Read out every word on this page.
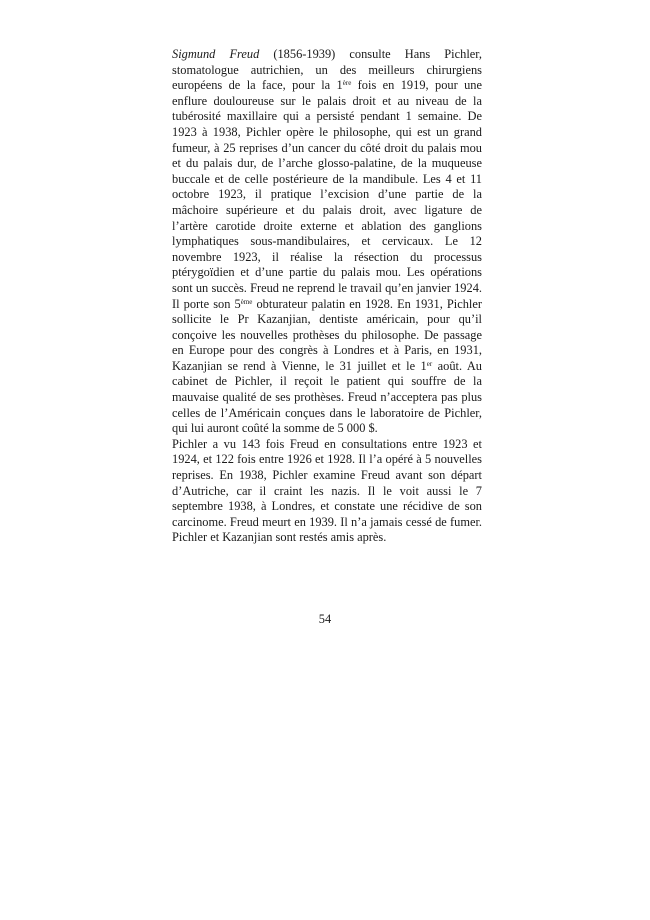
Sigmund Freud (1856-1939) consulte Hans Pichler, stomatologue autrichien, un des meilleurs chirurgiens européens de la face, pour la 1ère fois en 1919, pour une enflure douloureuse sur le palais droit et au niveau de la tubérosité maxillaire qui a persisté pendant 1 semaine. De 1923 à 1938, Pichler opère le philosophe, qui est un grand fumeur, à 25 reprises d’un cancer du côté droit du palais mou et du palais dur, de l’arche glosso-palatine, de la muqueuse buccale et de celle postérieure de la mandibule. Les 4 et 11 octobre 1923, il pratique l’excision d’une partie de la mâchoire supérieure et du palais droit, avec ligature de l’artère carotide droite externe et ablation des ganglions lymphatiques sous-mandibulaires, et cervicaux. Le 12 novembre 1923, il réalise la résection du processus ptérygoïdien et d’une partie du palais mou. Les opérations sont un succès. Freud ne reprend le travail qu’en janvier 1924. Il porte son 5ème obturateur palatin en 1928. En 1931, Pichler sollicite le Pr Kazanjian, dentiste américain, pour qu’il conçoive les nouvelles prothèses du philosophe. De passage en Europe pour des congrès à Londres et à Paris, en 1931, Kazanjian se rend à Vienne, le 31 juillet et le 1er août. Au cabinet de Pichler, il reçoit le patient qui souffre de la mauvaise qualité de ses prothèses. Freud n’acceptera pas plus celles de l’Américain conçues dans le laboratoire de Pichler, qui lui auront coûté la somme de 5 000 $.

Pichler a vu 143 fois Freud en consultations entre 1923 et 1924, et 122 fois entre 1926 et 1928. Il l’a opéré à 5 nouvelles reprises. En 1938, Pichler examine Freud avant son départ d’Autriche, car il craint les nazis. Il le voit aussi le 7 septembre 1938, à Londres, et constate une récidive de son carcinome. Freud meurt en 1939. Il n’a jamais cessé de fumer. Pichler et Kazanjian sont restés amis après.

54
